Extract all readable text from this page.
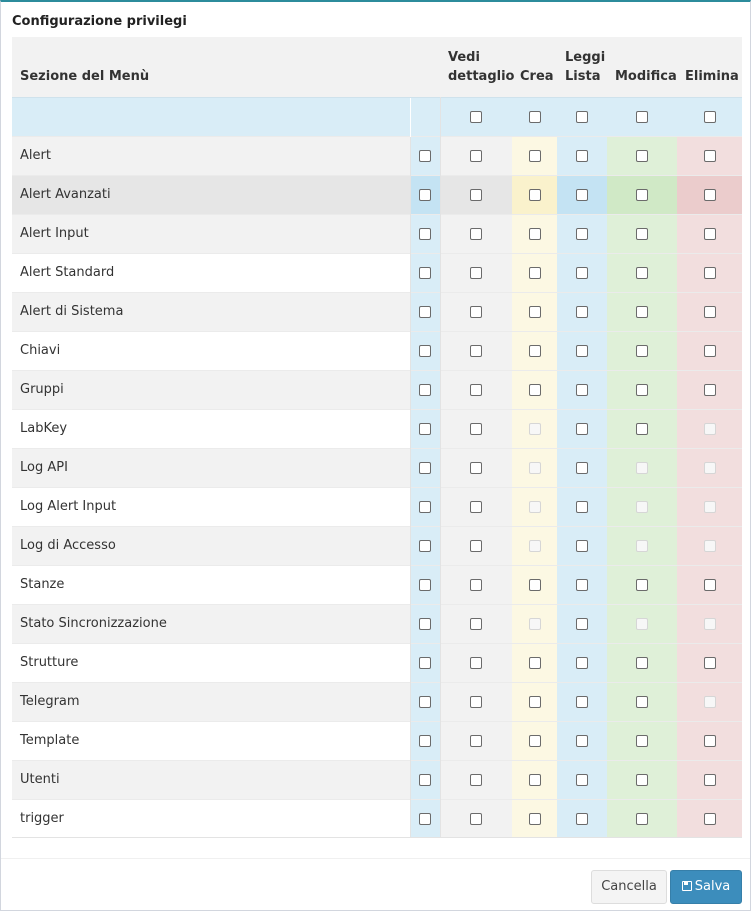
Configurazione privilegi
Sezione del Menù		Vedi dettaglio	Crea	Leggi Lista	Modifica	Elimina

Alert						
Alert Avanzati						
Alert Input						
Alert Standard						
Alert di Sistema						
Chiavi						
Gruppi						
LabKey						
Log API						
Log Alert Input						
Log di Accesso						
Stanze						
Stato Sincronizzazione						
Strutture						
Telegram						
Template						
Utenti						
trigger						
Cancella	Salva
